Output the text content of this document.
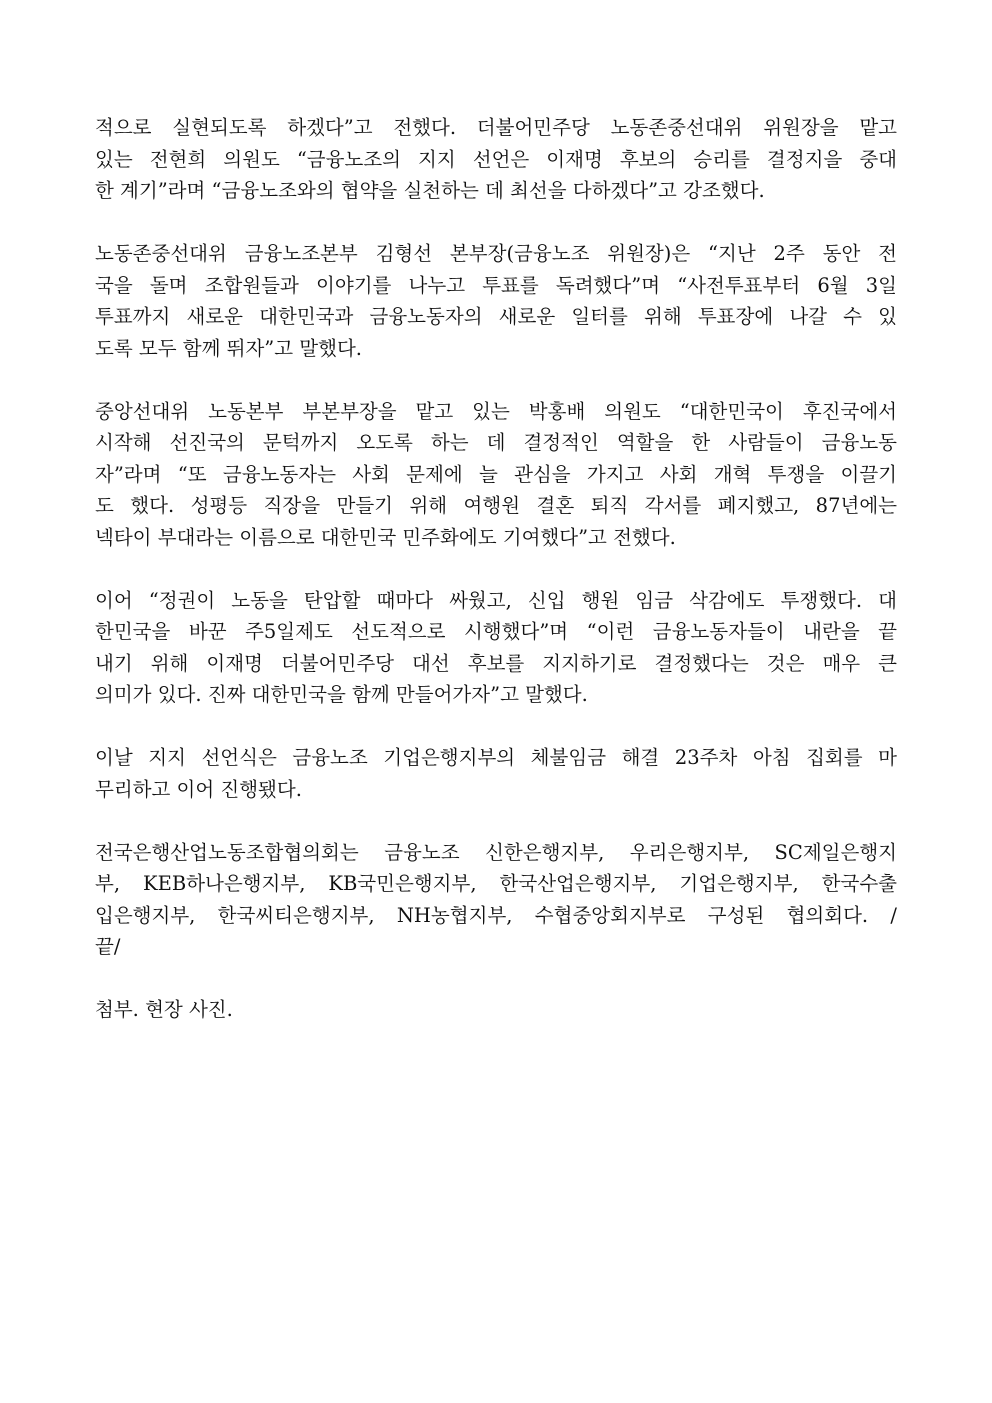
적으로 실현되도록 하겠다”고 전했다. 더불어민주당 노동존중선대위 위원장을 맡고
있는 전현희 의원도 “금융노조의 지지 선언은 이재명 후보의 승리를 결정지을 중대
한 계기”라며 “금융노조와의 협약을 실천하는 데 최선을 다하겠다”고 강조했다.

노동존중선대위 금융노조본부 김형선 본부장(금융노조 위원장)은 “지난 2주 동안 전
국을 돌며 조합원들과 이야기를 나누고 투표를 독려했다”며 “사전투표부터 6월 3일
투표까지 새로운 대한민국과 금융노동자의 새로운 일터를 위해 투표장에 나갈 수 있
도록 모두 함께 뛰자”고 말했다.

중앙선대위 노동본부 부본부장을 맡고 있는 박홍배 의원도 “대한민국이 후진국에서
시작해 선진국의 문턱까지 오도록 하는 데 결정적인 역할을 한 사람들이 금융노동
자”라며 “또 금융노동자는 사회 문제에 늘 관심을 가지고 사회 개혁 투쟁을 이끌기
도 했다. 성평등 직장을 만들기 위해 여행원 결혼 퇴직 각서를 폐지했고, 87년에는
넥타이 부대라는 이름으로 대한민국 민주화에도 기여했다”고 전했다.

이어 “정권이 노동을 탄압할 때마다 싸웠고, 신입 행원 임금 삭감에도 투쟁했다. 대
한민국을 바꾼 주5일제도 선도적으로 시행했다”며 “이런 금융노동자들이 내란을 끝
내기 위해 이재명 더불어민주당 대선 후보를 지지하기로 결정했다는 것은 매우 큰
의미가 있다. 진짜 대한민국을 함께 만들어가자”고 말했다.

이날 지지 선언식은 금융노조 기업은행지부의 체불임금 해결 23주차 아침 집회를 마
무리하고 이어 진행됐다.

전국은행산업노동조합협의회는 금융노조 신한은행지부, 우리은행지부, SC제일은행지
부, KEB하나은행지부, KB국민은행지부, 한국산업은행지부, 기업은행지부, 한국수출
입은행지부, 한국씨티은행지부, NH농협지부, 수협중앙회지부로 구성된 협의회다. /
끝/

첨부. 현장 사진.
